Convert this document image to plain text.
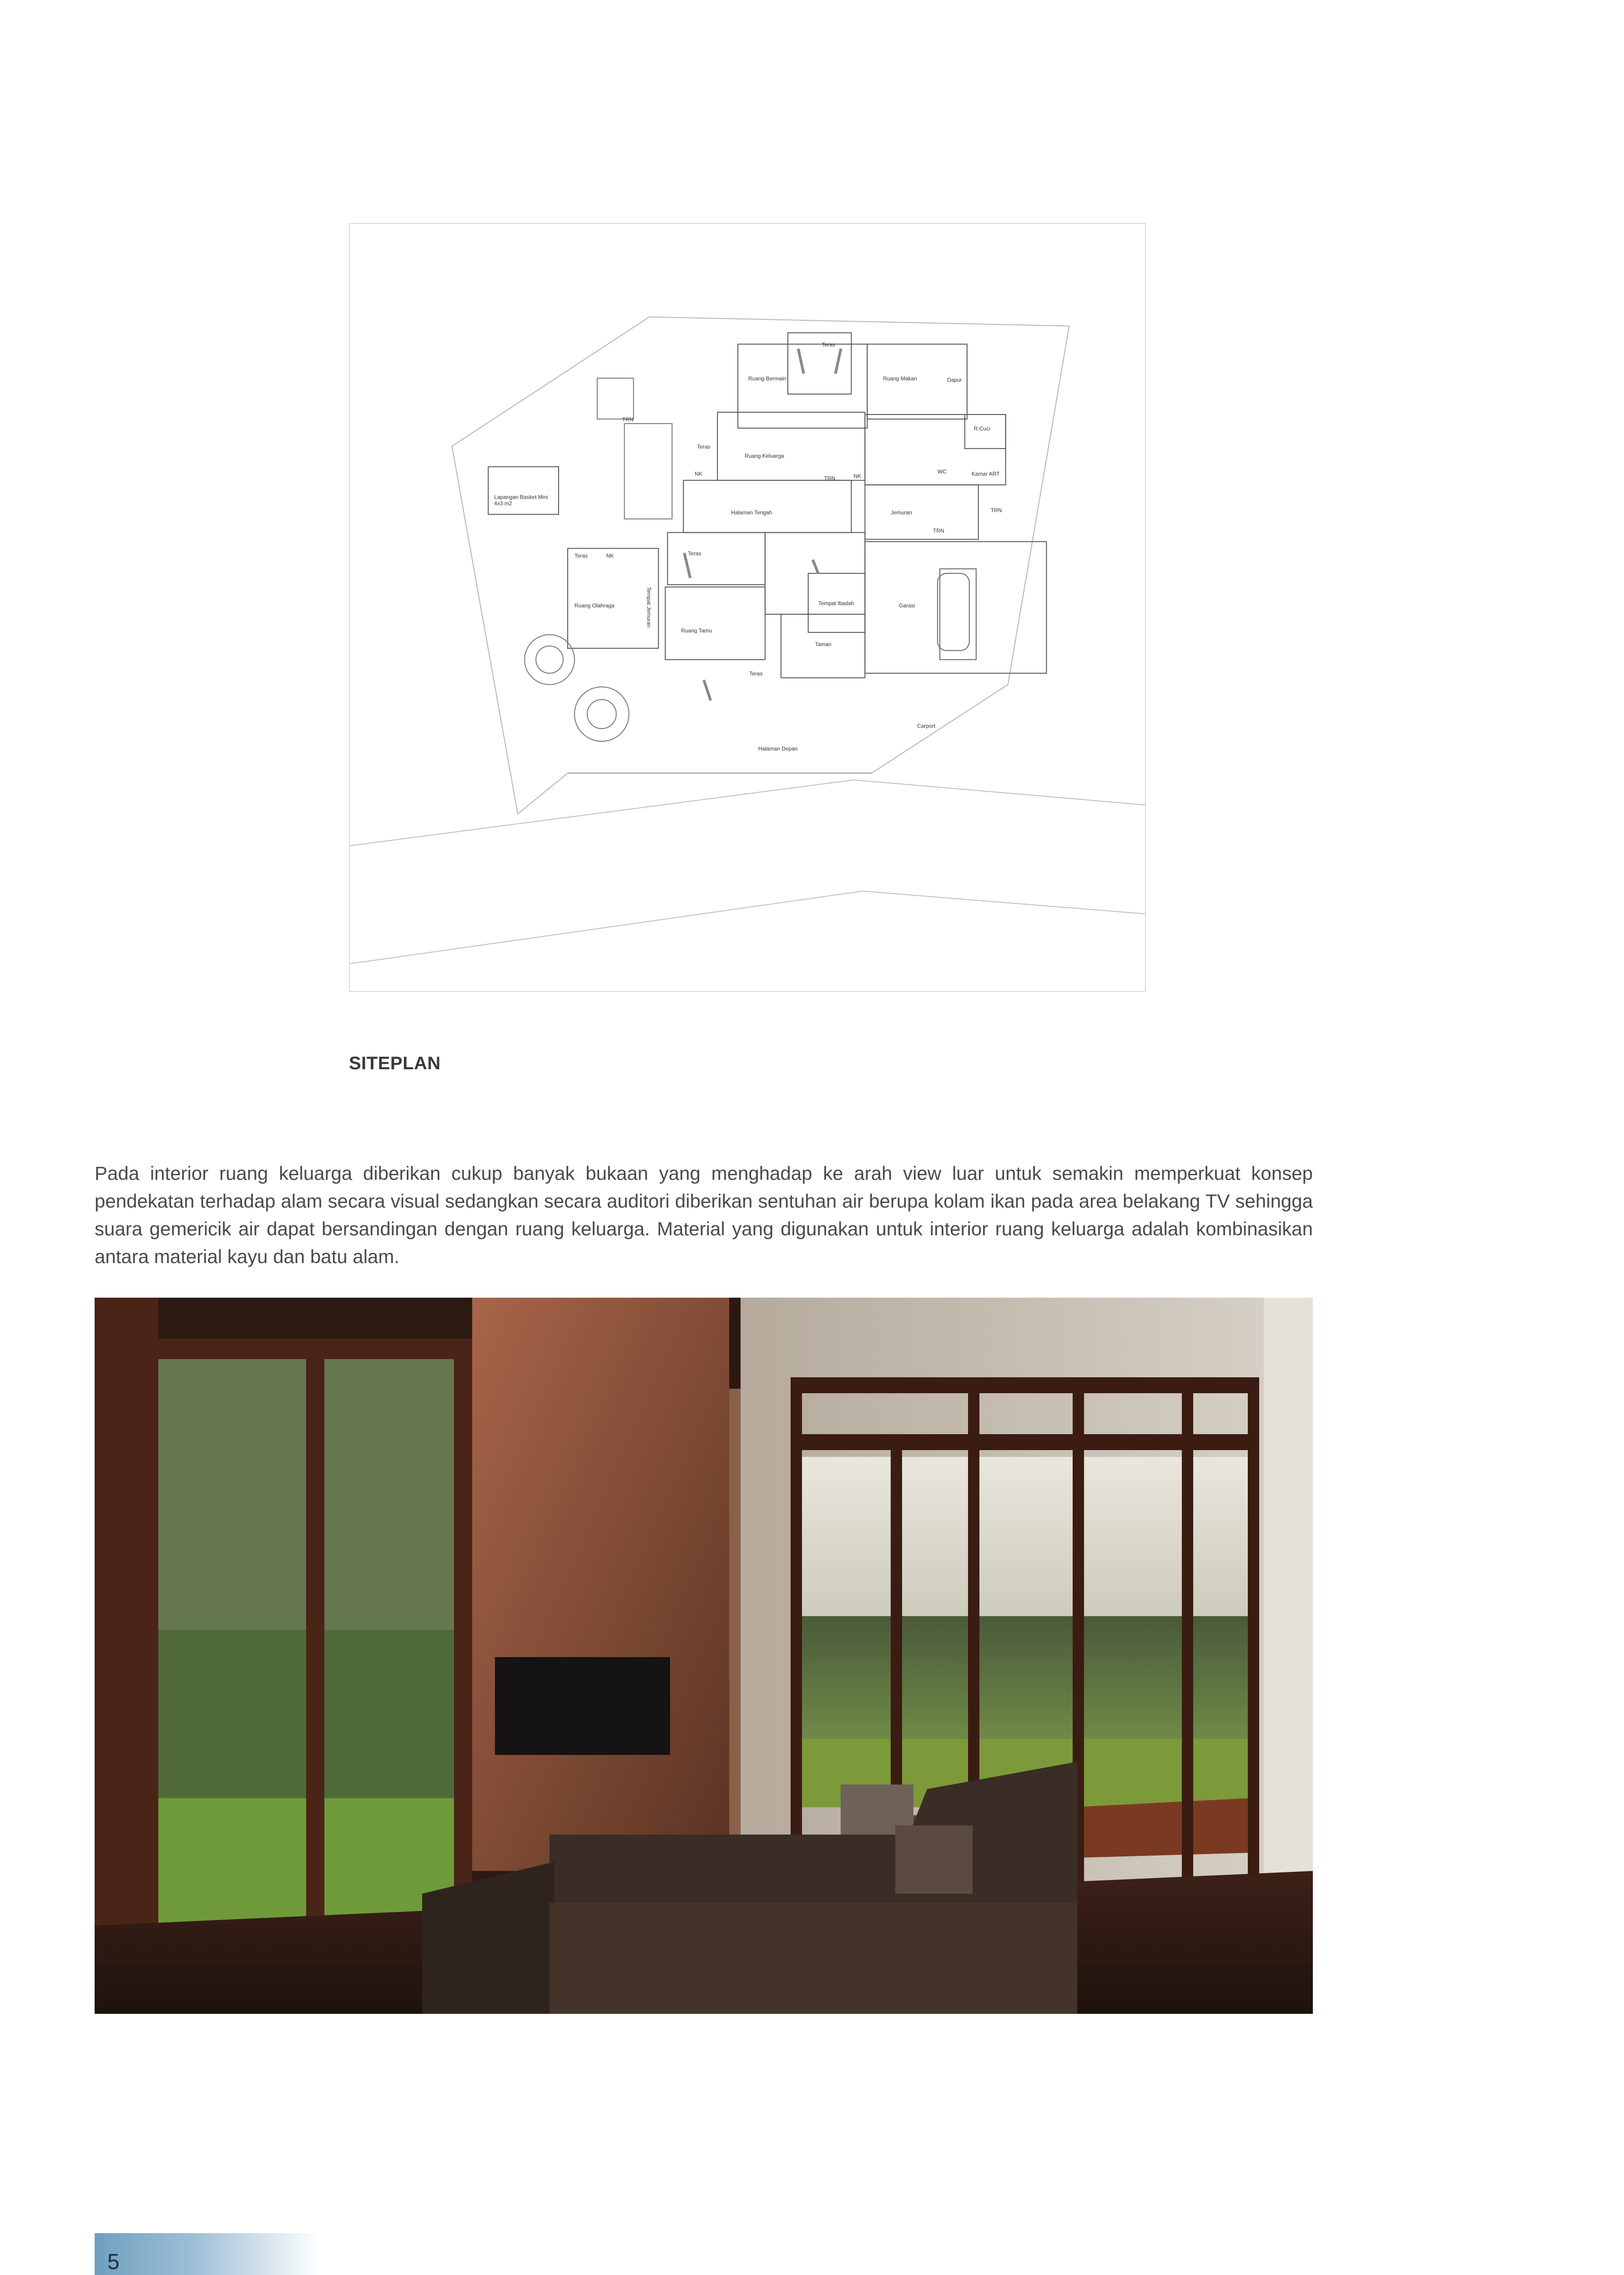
Teras
Ruang Bermain	Ruang Makan	Dapur
R.Cuci
Kamar ART
WC
TRN
Teras
Ruang Keluarga
NK
TRN	NK
Halaman Tengah	Jemuran
TRN
TRN
Lapangan Basket Mini
4x3 m2
Teras	NK	Teras
Ruang Olahraga	Tempat Jemuran
Ruang Tamu
Tempat Ibadah	Garasi
Taman
Teras
Carport
Halaman Depan
SITEPLAN

Pada interior ruang keluarga diberikan cukup banyak bukaan yang menghadap ke arah view luar untuk semakin memperkuat konsep pendekatan terhadap alam secara visual sedangkan secara auditori diberikan sentuhan air berupa kolam ikan pada area belakang TV sehingga suara gemericik air dapat bersandingan dengan ruang keluarga. Material yang digunakan untuk interior ruang keluarga adalah kombinasikan antara material kayu dan batu alam.

5
